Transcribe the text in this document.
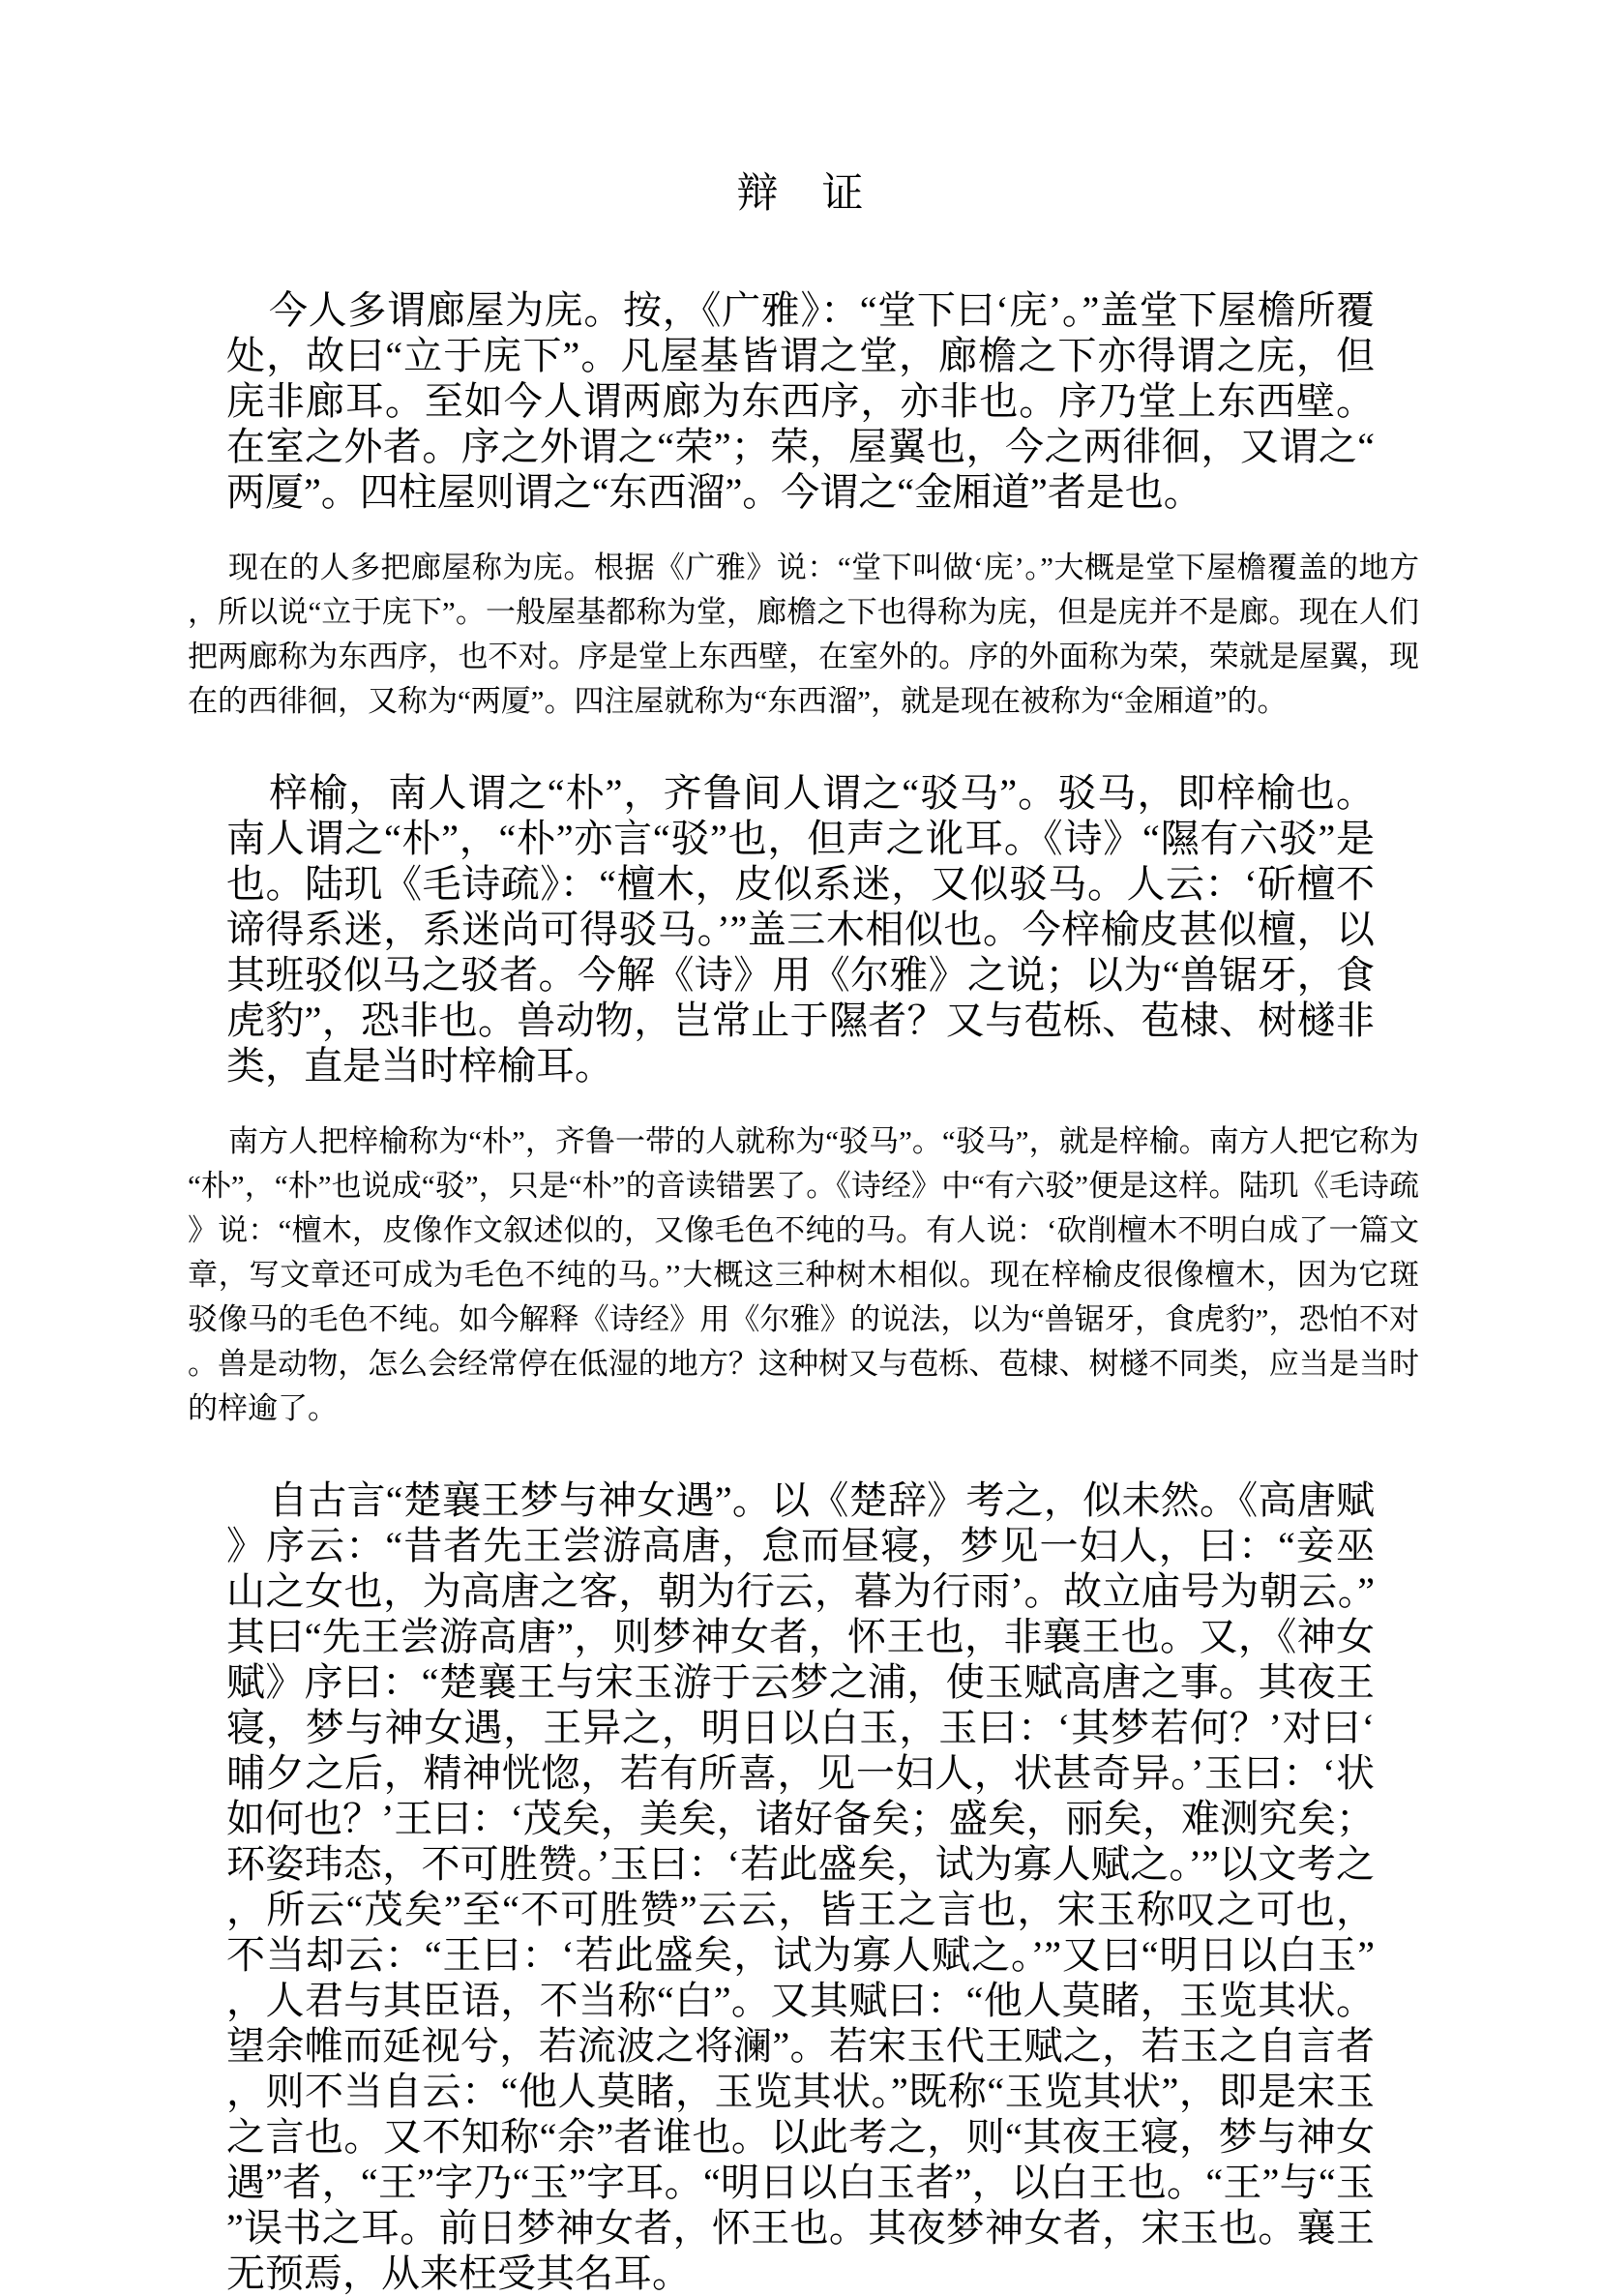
辩　证

今人多谓廊屋为庑。按，《广雅》：“堂下曰‘庑’。”盖堂下屋檐所覆处，故曰“立于庑下”。凡屋基皆谓之堂，廊檐之下亦得谓之庑，但庑非廊耳。至如今人谓两廊为东西序，亦非也。序乃堂上东西壁。在室之外者。序之外谓之“荣”；荣，屋翼也，今之两徘徊，又谓之“两厦”。四柱屋则谓之“东西溜”。今谓之“金厢道”者是也。

现在的人多把廊屋称为庑。根据《广雅》说：“堂下叫做‘庑’。”大概是堂下屋檐覆盖的地方，所以说“立于庑下”。一般屋基都称为堂，廊檐之下也得称为庑，但是庑并不是廊。现在人们把两廊称为东西序，也不对。序是堂上东西壁，在室外的。序的外面称为荣，荣就是屋翼，现在的西徘徊，又称为“两厦”。四注屋就称为“东西溜”，就是现在被称为“金厢道”的。

梓榆，南人谓之“朴”，齐鲁间人谓之“驳马”。驳马，即梓榆也。南人谓之“朴”，“朴”亦言“驳”也，但声之讹耳。《诗》“隰有六驳”是也。陆玑《毛诗疏》：“檀木，皮似系迷，又似驳马。人云：‘斫檀不谛得系迷，系迷尚可得驳马。’”盖三木相似也。今梓榆皮甚似檀，以其班驳似马之驳者。今解《诗》用《尔雅》之说；以为“兽锯牙，食虎豹”，恐非也。兽动物，岂常止于隰者？又与苞栎、苞棣、树檖非类，直是当时梓榆耳。

南方人把梓榆称为“朴”，齐鲁一带的人就称为“驳马”。“驳马”，就是梓榆。南方人把它称为“朴”，“朴”也说成“驳”，只是“朴”的音读错罢了。《诗经》中“有六驳”便是这样。陆玑《毛诗疏》说：“檀木，皮像作文叙述似的，又像毛色不纯的马。有人说：‘砍削檀木不明白成了一篇文章，写文章还可成为毛色不纯的马。’’大概这三种树木相似。现在梓榆皮很像檀木，因为它斑驳像马的毛色不纯。如今解释《诗经》用《尔雅》的说法，以为“兽锯牙，食虎豹”，恐怕不对。兽是动物，怎么会经常停在低湿的地方？这种树又与苞栎、苞棣、树檖不同类，应当是当时的梓逾了。

自古言“楚襄王梦与神女遇”。以《楚辞》考之，似未然。《高唐赋》序云：“昔者先王尝游高唐，怠而昼寝，梦见一妇人，曰：“妾巫山之女也，为高唐之客，朝为行云，暮为行雨’。故立庙号为朝云。”其曰“先王尝游高唐”，则梦神女者，怀王也，非襄王也。又，《神女赋》序曰：“楚襄王与宋玉游于云梦之浦，使玉赋高唐之事。其夜王寝，梦与神女遇，王异之，明日以白玉，玉曰：‘其梦若何？’对曰‘晡夕之后，精神恍惚，若有所喜，见一妇人，状甚奇异。’玉曰：‘状如何也？’王曰：‘茂矣，美矣，诸好备矣；盛矣，丽矣，难测究矣；环姿玮态，不可胜赞。’玉曰：‘若此盛矣，试为寡人赋之。’”以文考之，所云“茂矣”至“不可胜赞”云云，皆王之言也，宋玉称叹之可也，不当却云：“王曰：‘若此盛矣，试为寡人赋之。’”又曰“明日以白玉”，人君与其臣语，不当称“白”。又其赋曰：“他人莫睹，玉览其状。望余帷而延视兮，若流波之将澜”。若宋玉代王赋之，若玉之自言者，则不当自云：“他人莫睹，玉览其状。”既称“玉览其状”，即是宋玉之言也。又不知称“余”者谁也。以此考之，则“其夜王寝，梦与神女遇”者，“王”字乃“玉”字耳。“明日以白玉者”，以白王也。“王”与“玉”误书之耳。前日梦神女者，怀王也。其夜梦神女者，宋玉也。襄王无预焉，从来枉受其名耳。
